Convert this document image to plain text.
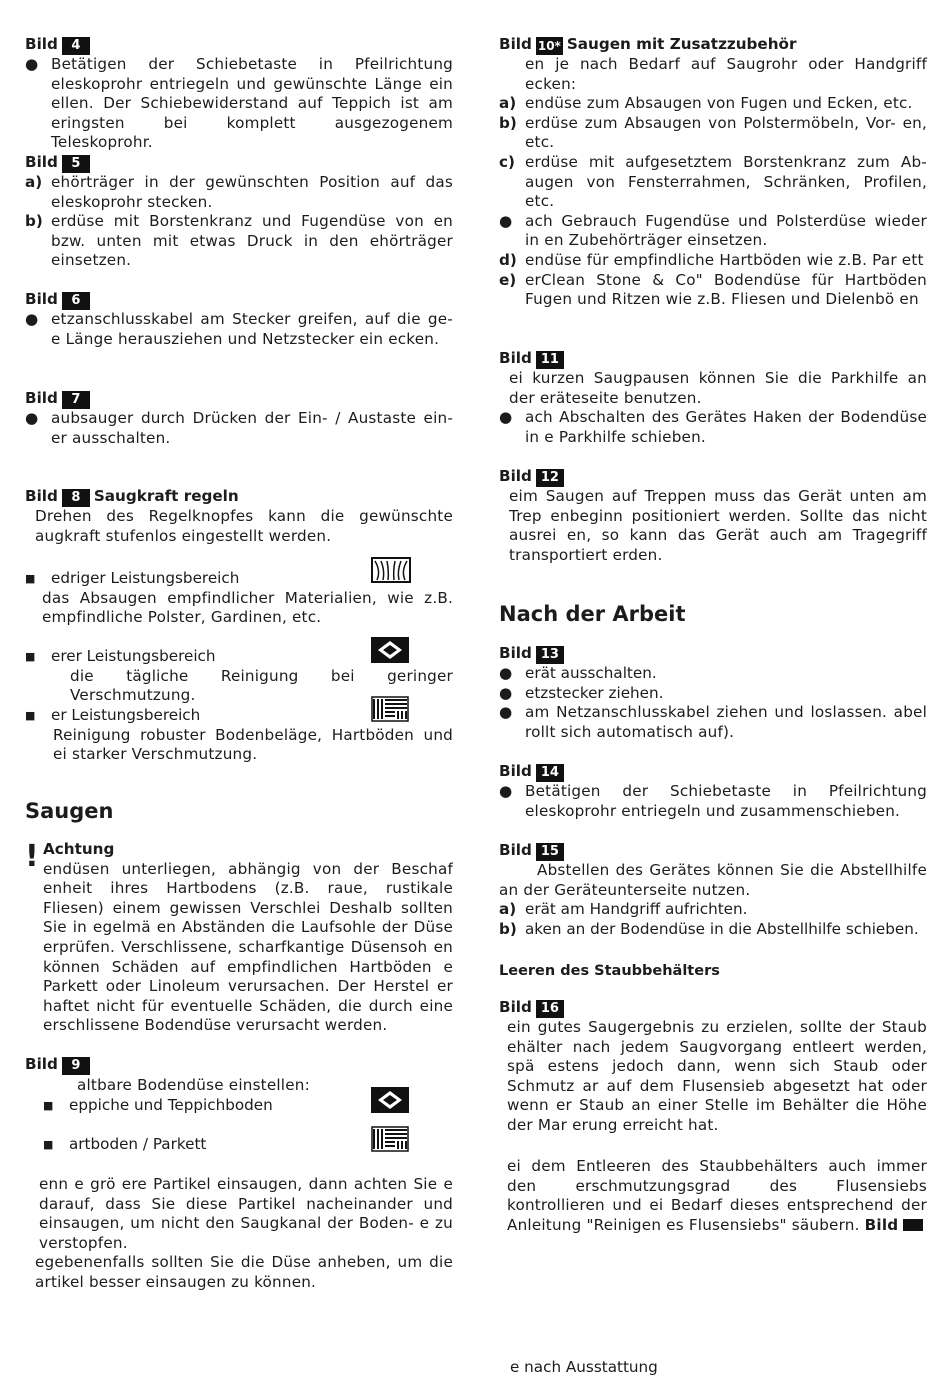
Bild	4
● Betätigen der Schiebetaste in Pfeilrichtung eleskoprohr entriegeln und gewünschte Länge ein ellen. Der Schiebewiderstand auf Teppich ist am eringsten bei komplett ausgezogenem Teleskoprohr.
Bild	5
a) ehörträger in der gewünschten Position auf das eleskoprohr stecken.
b) erdüse mit Borstenkranz und Fugendüse von en bzw. unten mit etwas Druck in den ehörträger einsetzen.
Bild	6
● etzanschlusskabel am Stecker greifen, auf die ge- e Länge herausziehen und Netzstecker ein ecken.
Bild	7
● aubsauger durch Drücken der Ein- / Austaste ein- er ausschalten.
Bild	8 Saugkraft regeln

Drehen des Regelknopfes kann die gewünschte augkraft stufenlos eingestellt werden.

■	edriger Leistungsbereich

das Absaugen empfindlicher Materialien, wie z.B. empfindliche Polster, Gardinen, etc.

■	erer Leistungsbereich

die tägliche Reinigung bei geringer Verschmutzung.

■	er Leistungsbereich

Reinigung robuster Bodenbeläge, Hartböden und ei starker Verschmutzung.

Saugen
! Achtung

endüsen unterliegen, abhängig von der Beschaf enheit ihres Hartbodens (z.B. raue, rustikale Fliesen) einem gewissen Verschlei Deshalb sollten Sie in egelmä en Abständen die Laufsohle der Düse erprüfen. Verschlissene, scharfkantige Düsensoh en können Schäden auf empfindlichen Hartböden e Parkett oder Linoleum verursachen. Der Herstel er haftet nicht für eventuelle Schäden, die durch eine erschlissene Bodendüse verursacht werden.

Bild	9

altbare Bodendüse einstellen:

■	eppiche und Teppichboden
■	artboden / Parkett

enn e grö ere Partikel einsaugen, dann achten Sie e darauf, dass Sie diese Partikel nacheinander und einsaugen, um nicht den Saugkanal der Boden- e zu verstopfen.

egebenenfalls sollten Sie die Düse anheben, um die artikel besser einsaugen zu können.

Bild 10* Saugen mit Zusatzzubehör

en je nach Bedarf auf Saugrohr oder Handgriff ecken:

a) endüse zum Absaugen von Fugen und Ecken, etc.
b) erdüse zum Absaugen von Polstermöbeln, Vor- en, etc.
c) erdüse mit aufgesetztem Borstenkranz zum Ab- augen von Fensterrahmen, Schränken, Profilen, etc.
● ach Gebrauch Fugendüse und Polsterdüse wieder in en Zubehörträger einsetzen.
d) endüse für empfindliche Hartböden wie z.B. Par ett
e) erClean Stone & Co" Bodendüse für Hartböden Fugen und Ritzen wie z.B. Fliesen und Dielenbö en
Bild 11

ei kurzen Saugpausen können Sie die Parkhilfe an der eräteseite benutzen.

● ach Abschalten des Gerätes Haken der Bodendüse in e Parkhilfe schieben.
Bild 12

eim Saugen auf Treppen muss das Gerät unten am Trep enbeginn positioniert werden. Sollte das nicht ausrei en, so kann das Gerät auch am Tragegriff transportiert erden.

Nach der Arbeit
Bild 13
● erät ausschalten.
● etzstecker ziehen.
● am Netzanschlusskabel ziehen und loslassen. abel rollt sich automatisch auf).
Bild 14
● Betätigen der Schiebetaste in Pfeilrichtung eleskoprohr entriegeln und zusammenschieben.
Bild 15

Abstellen des Gerätes können Sie die Abstellhilfe an der Geräteunterseite nutzen.

a) erät am Handgriff aufrichten.
b) aken an der Bodendüse in die Abstellhilfe schieben.
Leeren des Staubbehälters
Bild 16

ein gutes Saugergebnis zu erzielen, sollte der Staub ehälter nach jedem Saugvorgang entleert werden, spä estens jedoch dann, wenn sich Staub oder Schmutz ar auf dem Flusensieb abgesetzt hat oder wenn er Staub an einer Stelle im Behälter die Höhe der Mar erung erreicht hat.

ei dem Entleeren des Staubbehälters auch immer den erschmutzungsgrad des Flusensiebs kontrollieren und ei Bedarf dieses entsprechend der Anleitung "Reinigen es Flusensiebs" säubern. Bild

e nach Ausstattung
